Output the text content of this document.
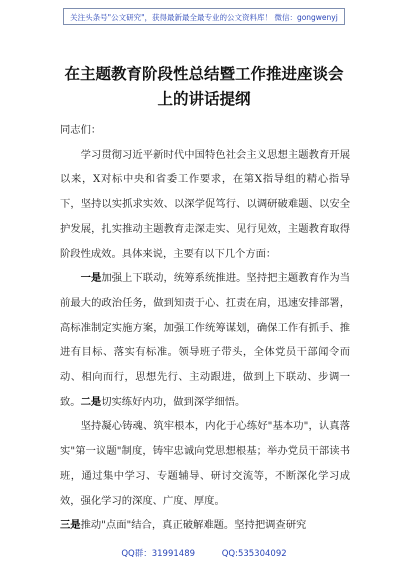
关注头条号"公文研究"，获得最新最全最专业的公文资料库！ 微信：gongwenyj
在主题教育阶段性总结暨工作推进座谈会
上的讲话提纲

同志们：

学习贯彻习近平新时代中国特色社会主义思想主题教育开展以来，X对标中央和省委工作要求，在第X指导组的精心指导下，坚持以实抓求实效、以深学促笃行、以调研破难题、以安全护发展，扎实推动主题教育走深走实、见行见效，主题教育取得阶段性成效。具体来说，主要有以下几个方面：

一是加强上下联动，统筹系统推进。坚持把主题教育作为当前最大的政治任务，做到知责于心、扛责在肩，迅速安排部署，高标准制定实施方案，加强工作统筹谋划，确保工作有抓手、推进有目标、落实有标准。领导班子带头，全体党员干部闻令而动、相向而行，思想先行、主动跟进，做到上下联动、步调一致。二是切实练好内功，做到深学细悟。

坚持凝心铸魂、筑牢根本，内化于心练好"基本功"，认真落实"第一议题"制度，铸牢忠诚向党思想根基；举办党员干部读书班，通过集中学习、专题辅导、研讨交流等，不断深化学习成效，强化学习的深度、广度、厚度。

三是推动"点面"结合，真正破解难题。坚持把调查研究

QQ群：31991489	QQ:535304092
